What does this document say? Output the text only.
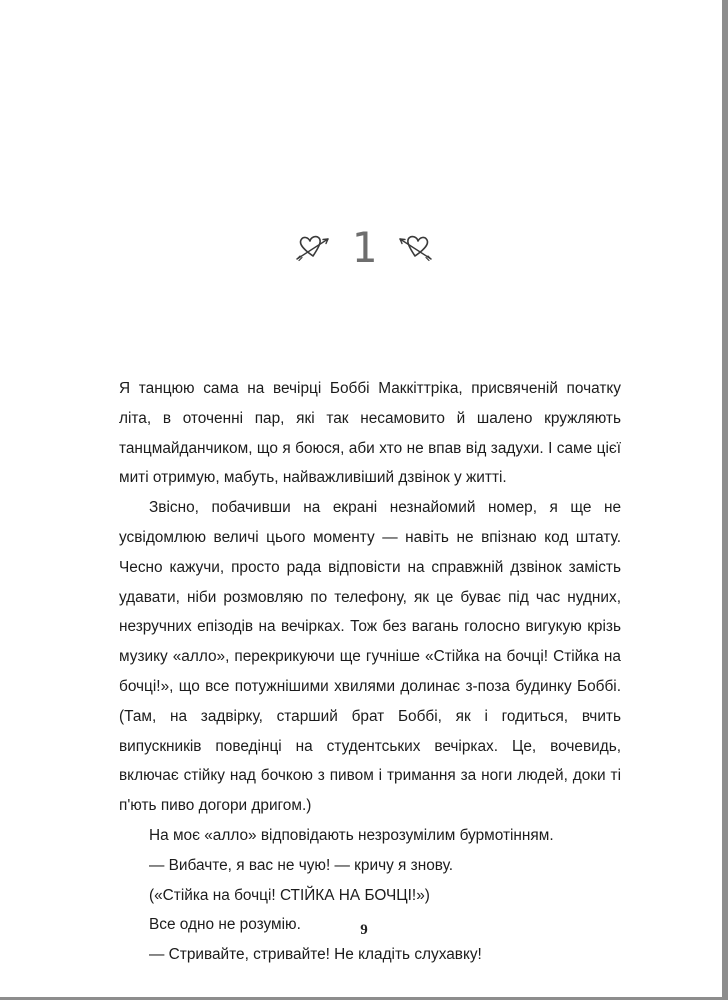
1

Я танцюю сама на вечірці Боббі Маккіттріка, присвяченій початку літа, в оточенні пар, які так несамовито й шалено кружляють танцмайданчиком, що я боюся, аби хто не впав від задухи. І саме цієї миті отримую, мабуть, найважливіший дзвінок у житті.

Звісно, побачивши на екрані незнайомий номер, я ще не усвідомлюю величі цього моменту — навіть не впізнаю код штату. Чесно кажучи, просто рада відповісти на справжній дзвінок замість удавати, ніби розмовляю по телефону, як це буває під час нудних, незручних епізодів на вечірках. Тож без вагань голосно вигукую крізь музику «алло», перекрикуючи ще гучніше «Стійка на бочці! Стійка на бочці!», що все потужнішими хвилями долинає з-поза будинку Боббі. (Там, на задвірку, старший брат Боббі, як і годиться, вчить випускників поведінці на студентських вечірках. Це, вочевидь, включає стійку над бочкою з пивом і тримання за ноги людей, доки ті п'ють пиво догори дригом.)

На моє «алло» відповідають незрозумілим бурмотінням.

— Вибачте, я вас не чую! — кричу я знову.

(«Стійка на бочці! СТІЙКА НА БОЧЦІ!»)

Все одно не розумію.

— Стривайте, стривайте! Не кладіть слухавку!

9
